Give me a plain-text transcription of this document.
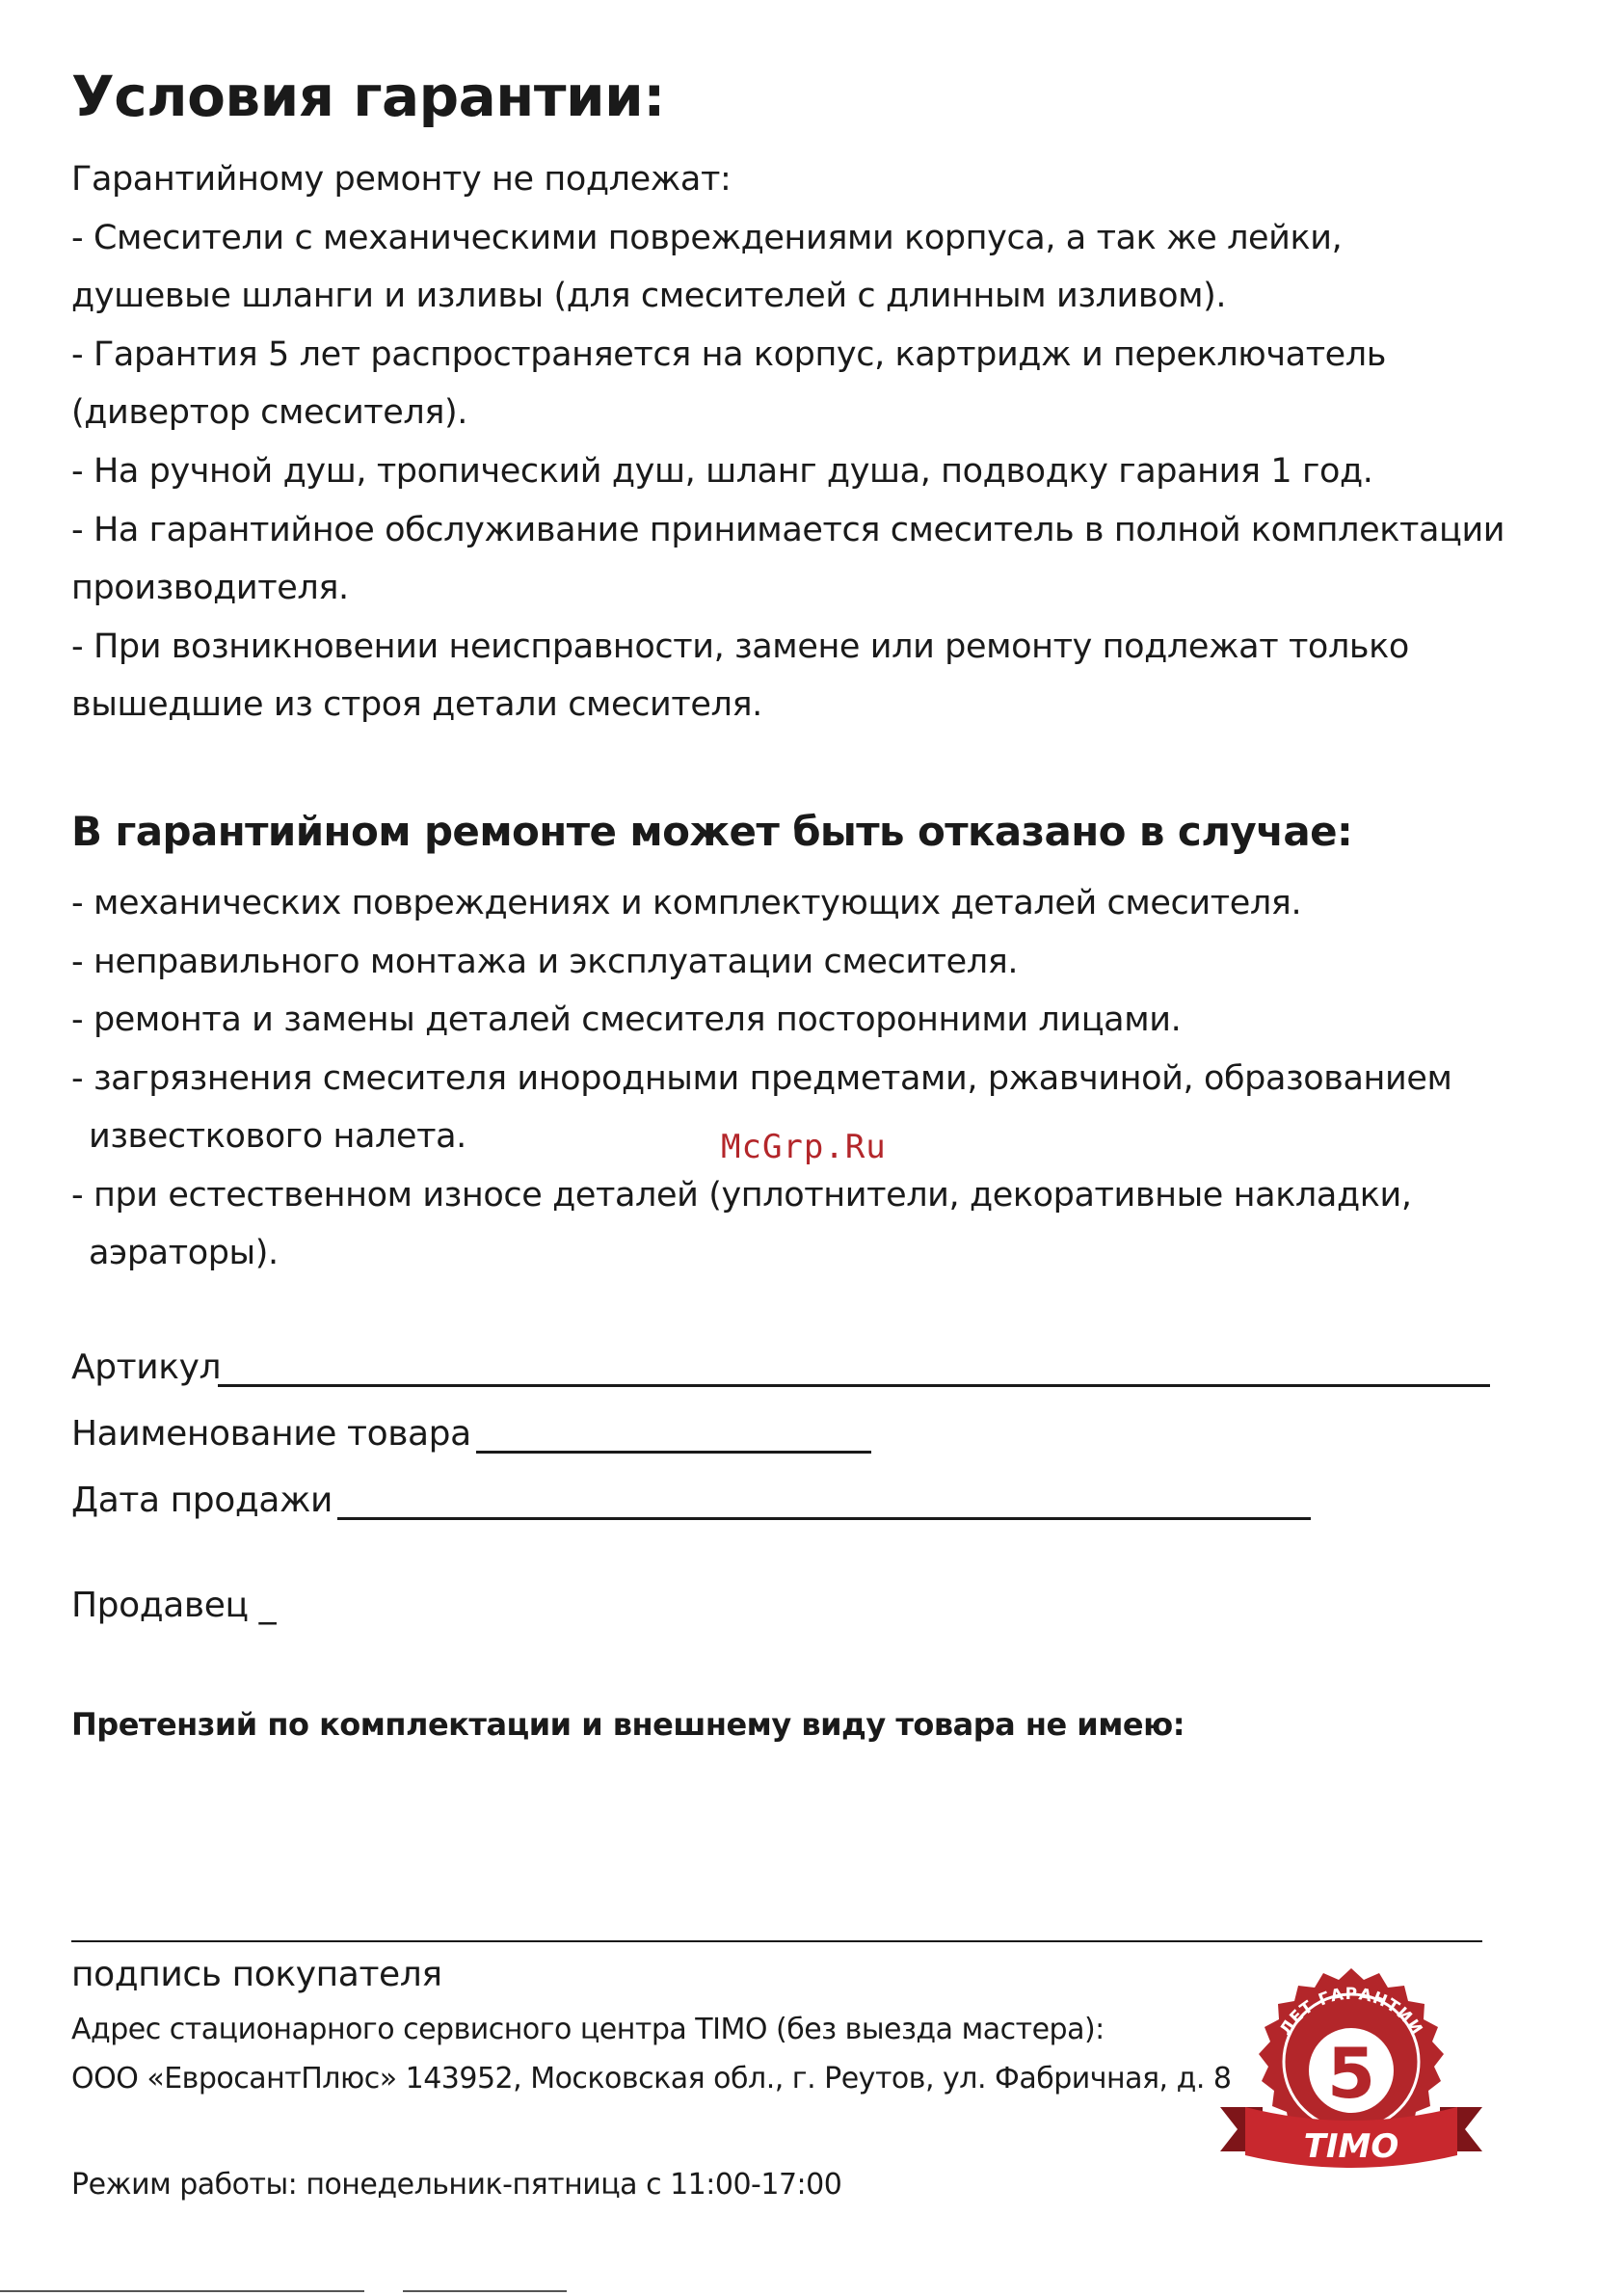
Условия гарантии:
Гарантийному ремонту не подлежат:
- Смесители с механическими повреждениями корпуса, а так же лейки,
душевые шланги и изливы (для смесителей с длинным изливом).
- Гарантия 5 лет распространяется на корпус, картридж и переключатель
(дивертор смесителя).
- На ручной душ, тропический душ, шланг душа, подводку гарания 1 год.
- На гарантийное обслуживание принимается смеситель в полной комплектации
производителя.
- При возникновении неисправности, замене или ремонту подлежат только
вышедшие из строя детали смесителя.
В гарантийном ремонте может быть отказано в случае:
- механических повреждениях и комплектующих деталей смесителя.
- неправильного монтажа и эксплуатации смесителя.
- ремонта и замены деталей смесителя посторонними лицами.
- загрязнения смесителя инородными предметами, ржавчиной, образованием
известкового налета.
- при естественном износе деталей (уплотнители, декоративные накладки,
аэраторы).
McGrp.Ru
Артикул
Наименование товара
Дата продажи
Продавец _
Претензий по комплектации и внешнему виду товара не имею:
подпись покупателя
Адрес стационарного сервисного центра TIMO (без выезда мастера):
ООО «ЕвросантПлюс» 143952, Московская обл., г. Реутов, ул. Фабричная, д. 8
Режим работы: понедельник-пятница с 11:00-17:00
ЛЕТ ГАРАНТИИ
5
TIMO
